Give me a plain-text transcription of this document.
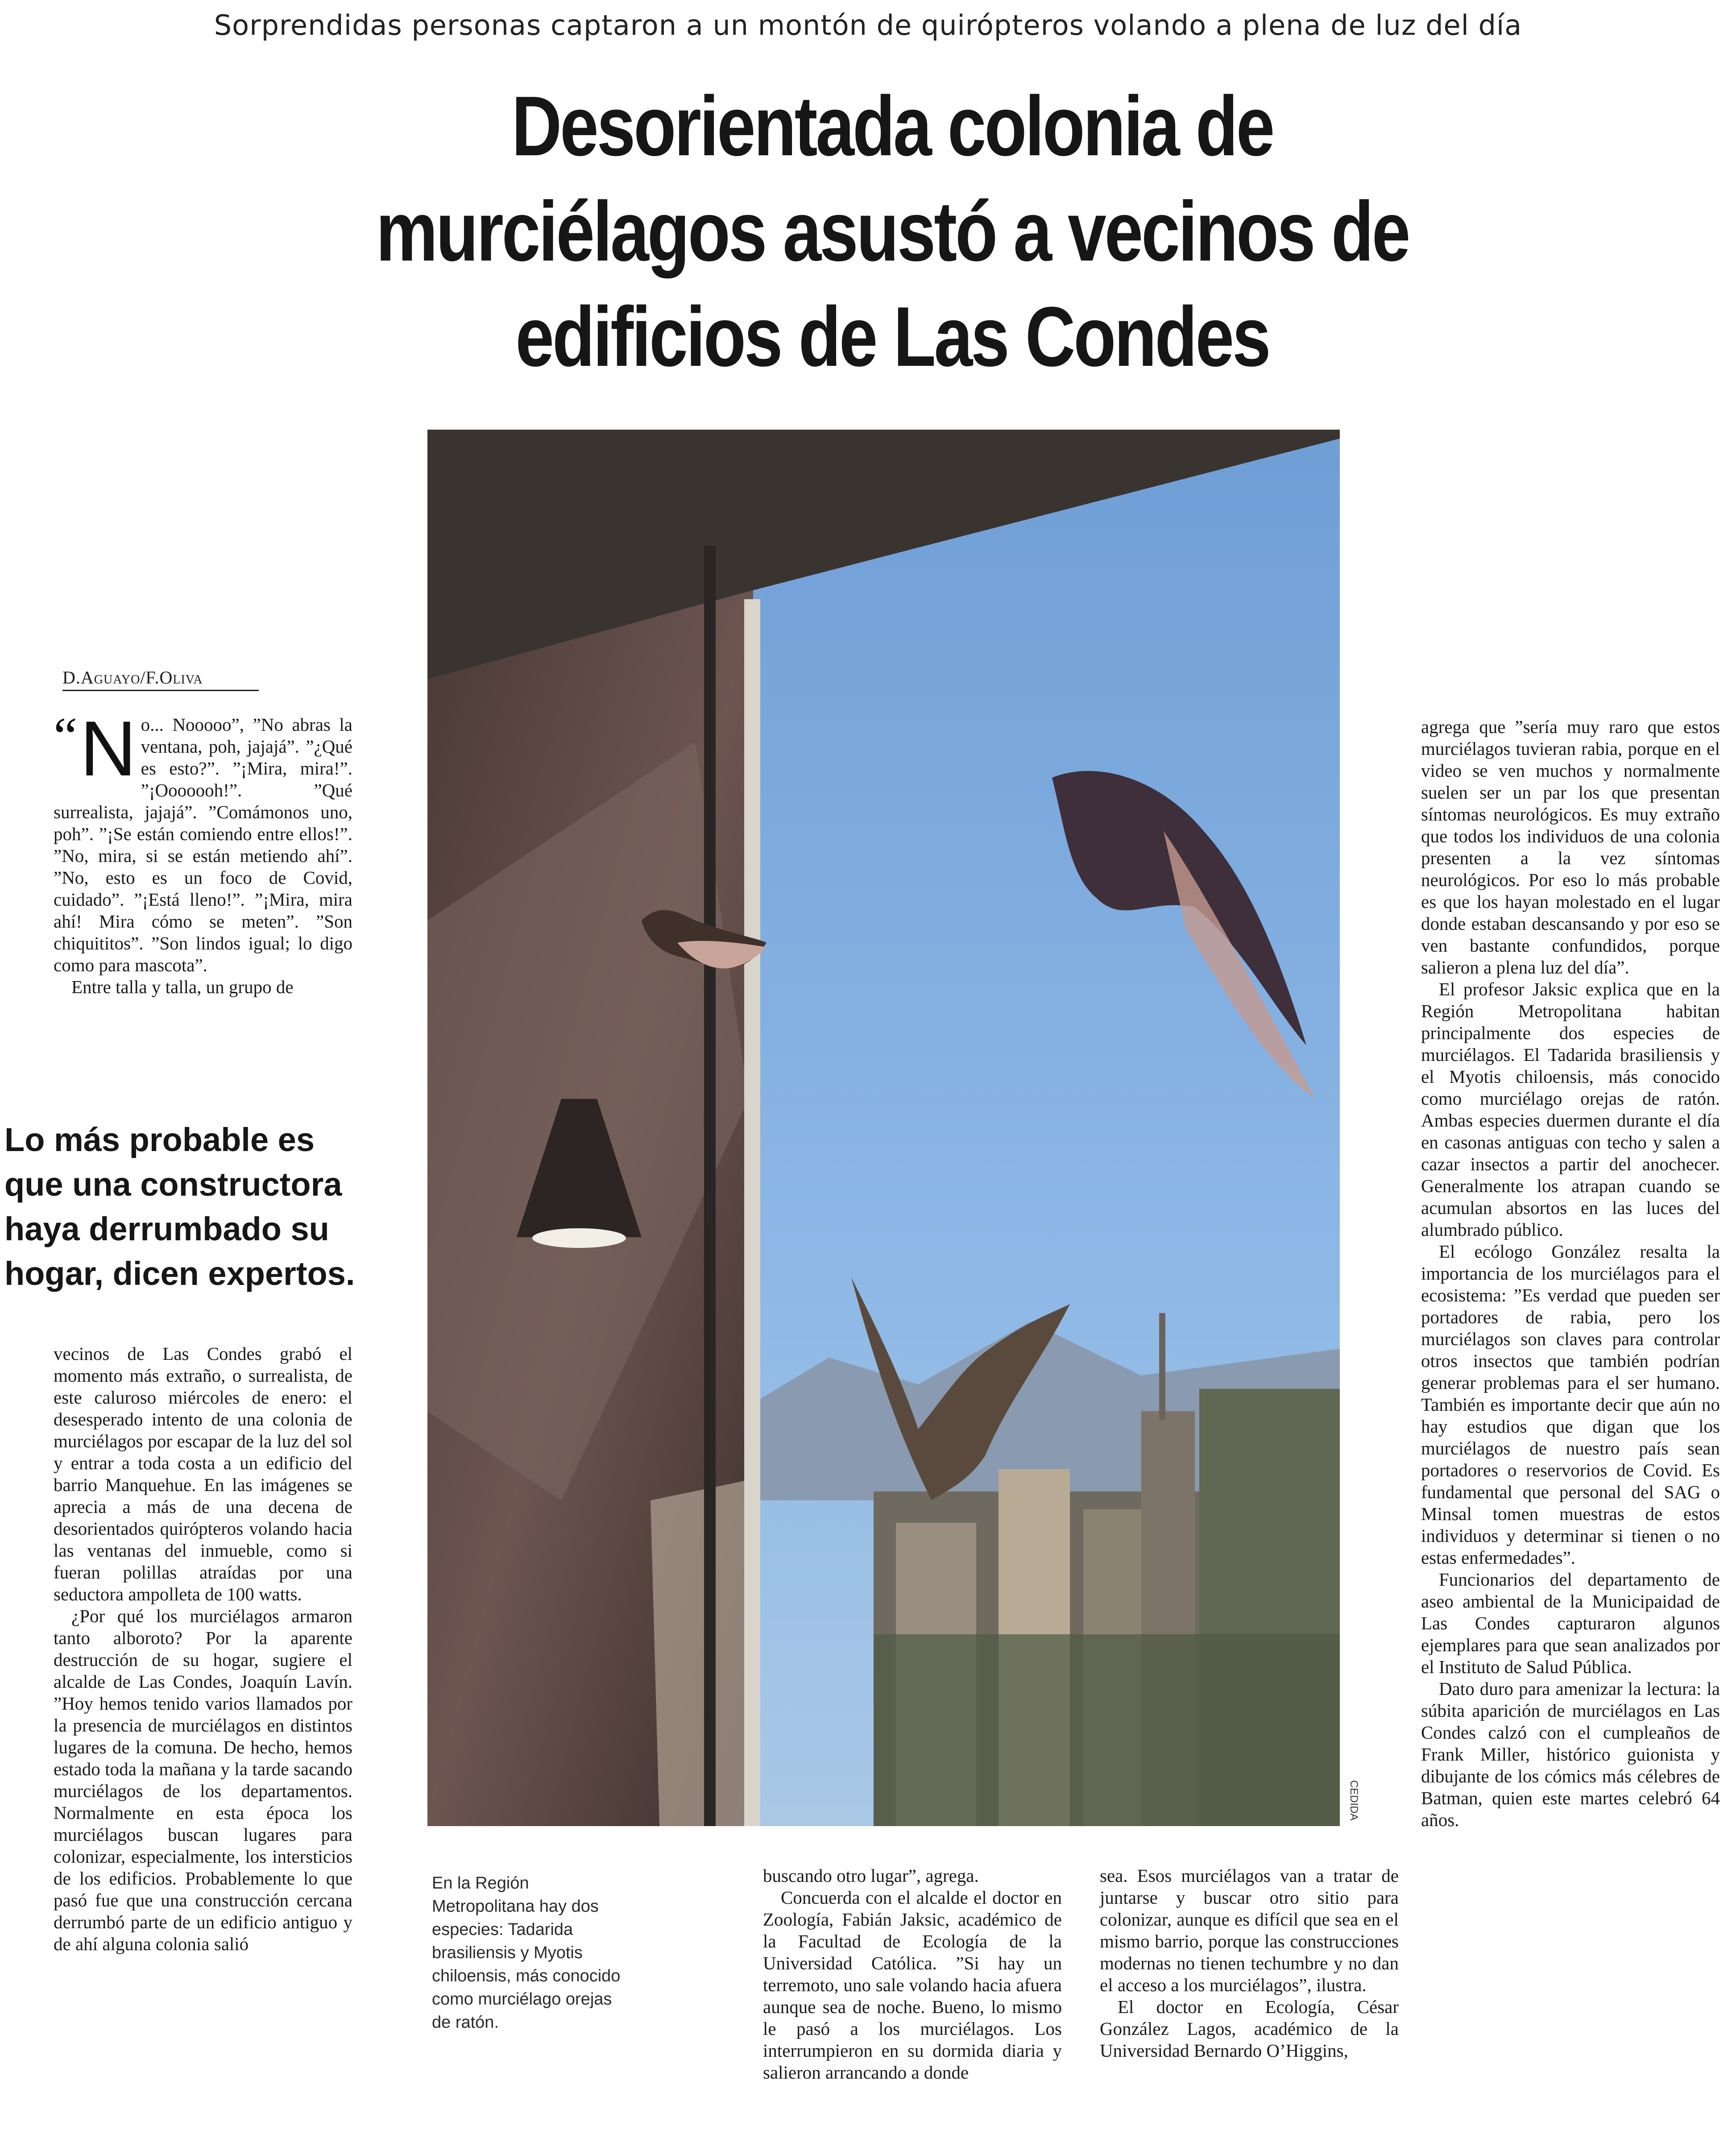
Sorprendidas personas captaron a un montón de quirópteros volando a plena de luz del día
Desorientada colonia de
murciélagos asustó a vecinos de
edificios de Las Condes
CEDIDA
D.Aguayo/F.Oliva

“ N o... Nooooo”, ”No abras la ventana, poh, jajajá”. ”¿Qué es esto?”. ”¡Mira, mira!”. ”¡Ooooooh!”. ”Qué surrealista, jajajá”. ”Comámonos uno, poh”. ”¡Se están comiendo entre ellos!”. ”No, mira, si se están metiendo ahí”. ”No, esto es un foco de Covid, cuidado”. ”¡Está lleno!”. ”¡Mira, mira ahí! Mira cómo se meten”. ”Son chiquititos”. ”Son lindos igual; lo digo como para mascota”.

Entre talla y talla, un grupo de

Lo más probable es que una constructora haya derrumbado su hogar, dicen expertos.

vecinos de Las Condes grabó el momento más extraño, o surrealista, de este caluroso miércoles de enero: el desesperado intento de una colonia de murciélagos por escapar de la luz del sol y entrar a toda costa a un edificio del barrio Manquehue. En las imágenes se aprecia a más de una decena de desorientados quirópteros volando hacia las ventanas del inmueble, como si fueran polillas atraídas por una seductora ampolleta de 100 watts.

¿Por qué los murciélagos armaron tanto alboroto? Por la aparente destrucción de su hogar, sugiere el alcalde de Las Condes, Joaquín Lavín. ”Hoy hemos tenido varios llamados por la presencia de murciélagos en distintos lugares de la comuna. De hecho, hemos estado toda la mañana y la tarde sacando murciélagos de los departamentos. Normalmente en esta época los murciélagos buscan lugares para colonizar, especialmente, los intersticios de los edificios. Probablemente lo que pasó fue que una construcción cercana derrumbó parte de un edificio antiguo y de ahí alguna colonia salió

En la Región Metropolitana hay dos especies: Tadarida brasiliensis y Myotis chiloensis, más conocido como murciélago orejas de ratón.

buscando otro lugar”, agrega.

Concuerda con el alcalde el doctor en Zoología, Fabián Jaksic, académico de la Facultad de Ecología de la Universidad Católica. ”Si hay un terremoto, uno sale volando hacia afuera aunque sea de noche. Bueno, lo mismo le pasó a los murciélagos. Los interrumpieron en su dormida diaria y salieron arrancando a donde

sea. Esos murciélagos van a tratar de juntarse y buscar otro sitio para colonizar, aunque es difícil que sea en el mismo barrio, porque las construcciones modernas no tienen techumbre y no dan el acceso a los murciélagos”, ilustra.

El doctor en Ecología, César González Lagos, académico de la Universidad Bernardo O’Higgins,

agrega que ”sería muy raro que estos murciélagos tuvieran rabia, porque en el video se ven muchos y normalmente suelen ser un par los que presentan síntomas neurológicos. Es muy extraño que todos los individuos de una colonia presenten a la vez síntomas neurológicos. Por eso lo más probable es que los hayan molestado en el lugar donde estaban descansando y por eso se ven bastante confundidos, porque salieron a plena luz del día”.

El profesor Jaksic explica que en la Región Metropolitana habitan principalmente dos especies de murciélagos. El Tadarida brasiliensis y el Myotis chiloensis, más conocido como murciélago orejas de ratón. Ambas especies duermen durante el día en casonas antiguas con techo y salen a cazar insectos a partir del anochecer. Generalmente los atrapan cuando se acumulan absortos en las luces del alumbrado público.

El ecólogo González resalta la importancia de los murciélagos para el ecosistema: ”Es verdad que pueden ser portadores de rabia, pero los murciélagos son claves para controlar otros insectos que también podrían generar problemas para el ser humano. También es importante decir que aún no hay estudios que digan que los murciélagos de nuestro país sean portadores o reservorios de Covid. Es fundamental que personal del SAG o Minsal tomen muestras de estos individuos y determinar si tienen o no estas enfermedades”.

Funcionarios del departamento de aseo ambiental de la Municipaidad de Las Condes capturaron algunos ejemplares para que sean analizados por el Instituto de Salud Pública.

Dato duro para amenizar la lectura: la súbita aparición de murciélagos en Las Condes calzó con el cumpleaños de Frank Miller, histórico guionista y dibujante de los cómics más célebres de Batman, quien este martes celebró 64 años.
